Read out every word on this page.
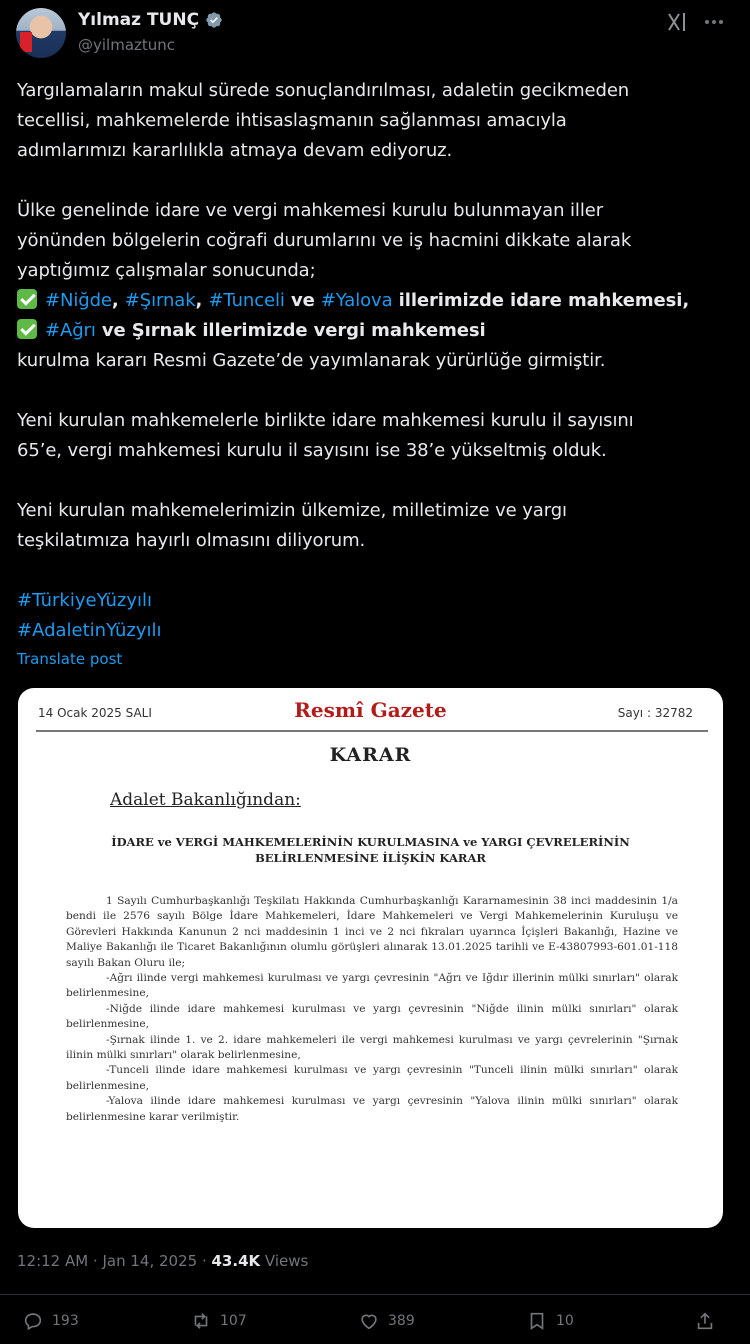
Yılmaz TUNÇ
@yilmaztunc
Yargılamaların makul sürede sonuçlandırılması, adaletin gecikmeden
tecellisi, mahkemelerde ihtisaslaşmanın sağlanması amacıyla
adımlarımızı kararlılıkla atmaya devam ediyoruz.
Ülke genelinde idare ve vergi mahkemesi kurulu bulunmayan iller
yönünden bölgelerin coğrafi durumlarını ve iş hacmini dikkate alarak
yaptığımız çalışmalar sonucunda;
#Niğde, #Şırnak, #Tunceli ve #Yalova illerimizde idare mahkemesi,
#Ağrı ve Şırnak illerimizde vergi mahkemesi
kurulma kararı Resmi Gazete’de yayımlanarak yürürlüğe girmiştir.
Yeni kurulan mahkemelerle birlikte idare mahkemesi kurulu il sayısını
65’e, vergi mahkemesi kurulu il sayısını ise 38’e yükseltmiş olduk.
Yeni kurulan mahkemelerimizin ülkemize, milletimize ve yargı
teşkilatımıza hayırlı olmasını diliyorum.
#TürkiyeYüzyılı
#AdaletinYüzyılı
Translate post
14 Ocak 2025 SALI	Resmî Gazete	Sayı : 32782
KARAR
Adalet Bakanlığından:
İDARE ve VERGİ MAHKEMELERİNİN KURULMASINA ve YARGI ÇEVRELERİNİN
BELİRLENMESİNE İLİŞKİN KARAR

1 Sayılı Cumhurbaşkanlığı Teşkilatı Hakkında Cumhurbaşkanlığı Kararnamesinin 38 inci maddesinin 1/a bendi ile 2576 sayılı Bölge İdare Mahkemeleri, İdare Mahkemeleri ve Vergi Mahkemelerinin Kuruluşu ve Görevleri Hakkında Kanunun 2 nci maddesinin 1 inci ve 2 nci fıkraları uyarınca İçişleri Bakanlığı, Hazine ve Maliye Bakanlığı ile Ticaret Bakanlığının olumlu görüşleri alınarak 13.01.2025 tarihli ve E-43807993-601.01-118 sayılı Bakan Oluru ile;

-Ağrı ilinde vergi mahkemesi kurulması ve yargı çevresinin "Ağrı ve Iğdır illerinin mülki sınırları" olarak belirlenmesine,

-Niğde ilinde idare mahkemesi kurulması ve yargı çevresinin "Niğde ilinin mülki sınırları" olarak belirlenmesine,

-Şırnak ilinde 1. ve 2. idare mahkemeleri ile vergi mahkemesi kurulması ve yargı çevrelerinin "Şırnak ilinin mülki sınırları" olarak belirlenmesine,

-Tunceli ilinde idare mahkemesi kurulması ve yargı çevresinin "Tunceli ilinin mülki sınırları" olarak belirlenmesine,

-Yalova ilinde idare mahkemesi kurulması ve yargı çevresinin "Yalova ilinin mülki sınırları" olarak belirlenmesine karar verilmiştir.

12:12 AM · Jan 14, 2025 · 43.4K Views
193	107	389	10
